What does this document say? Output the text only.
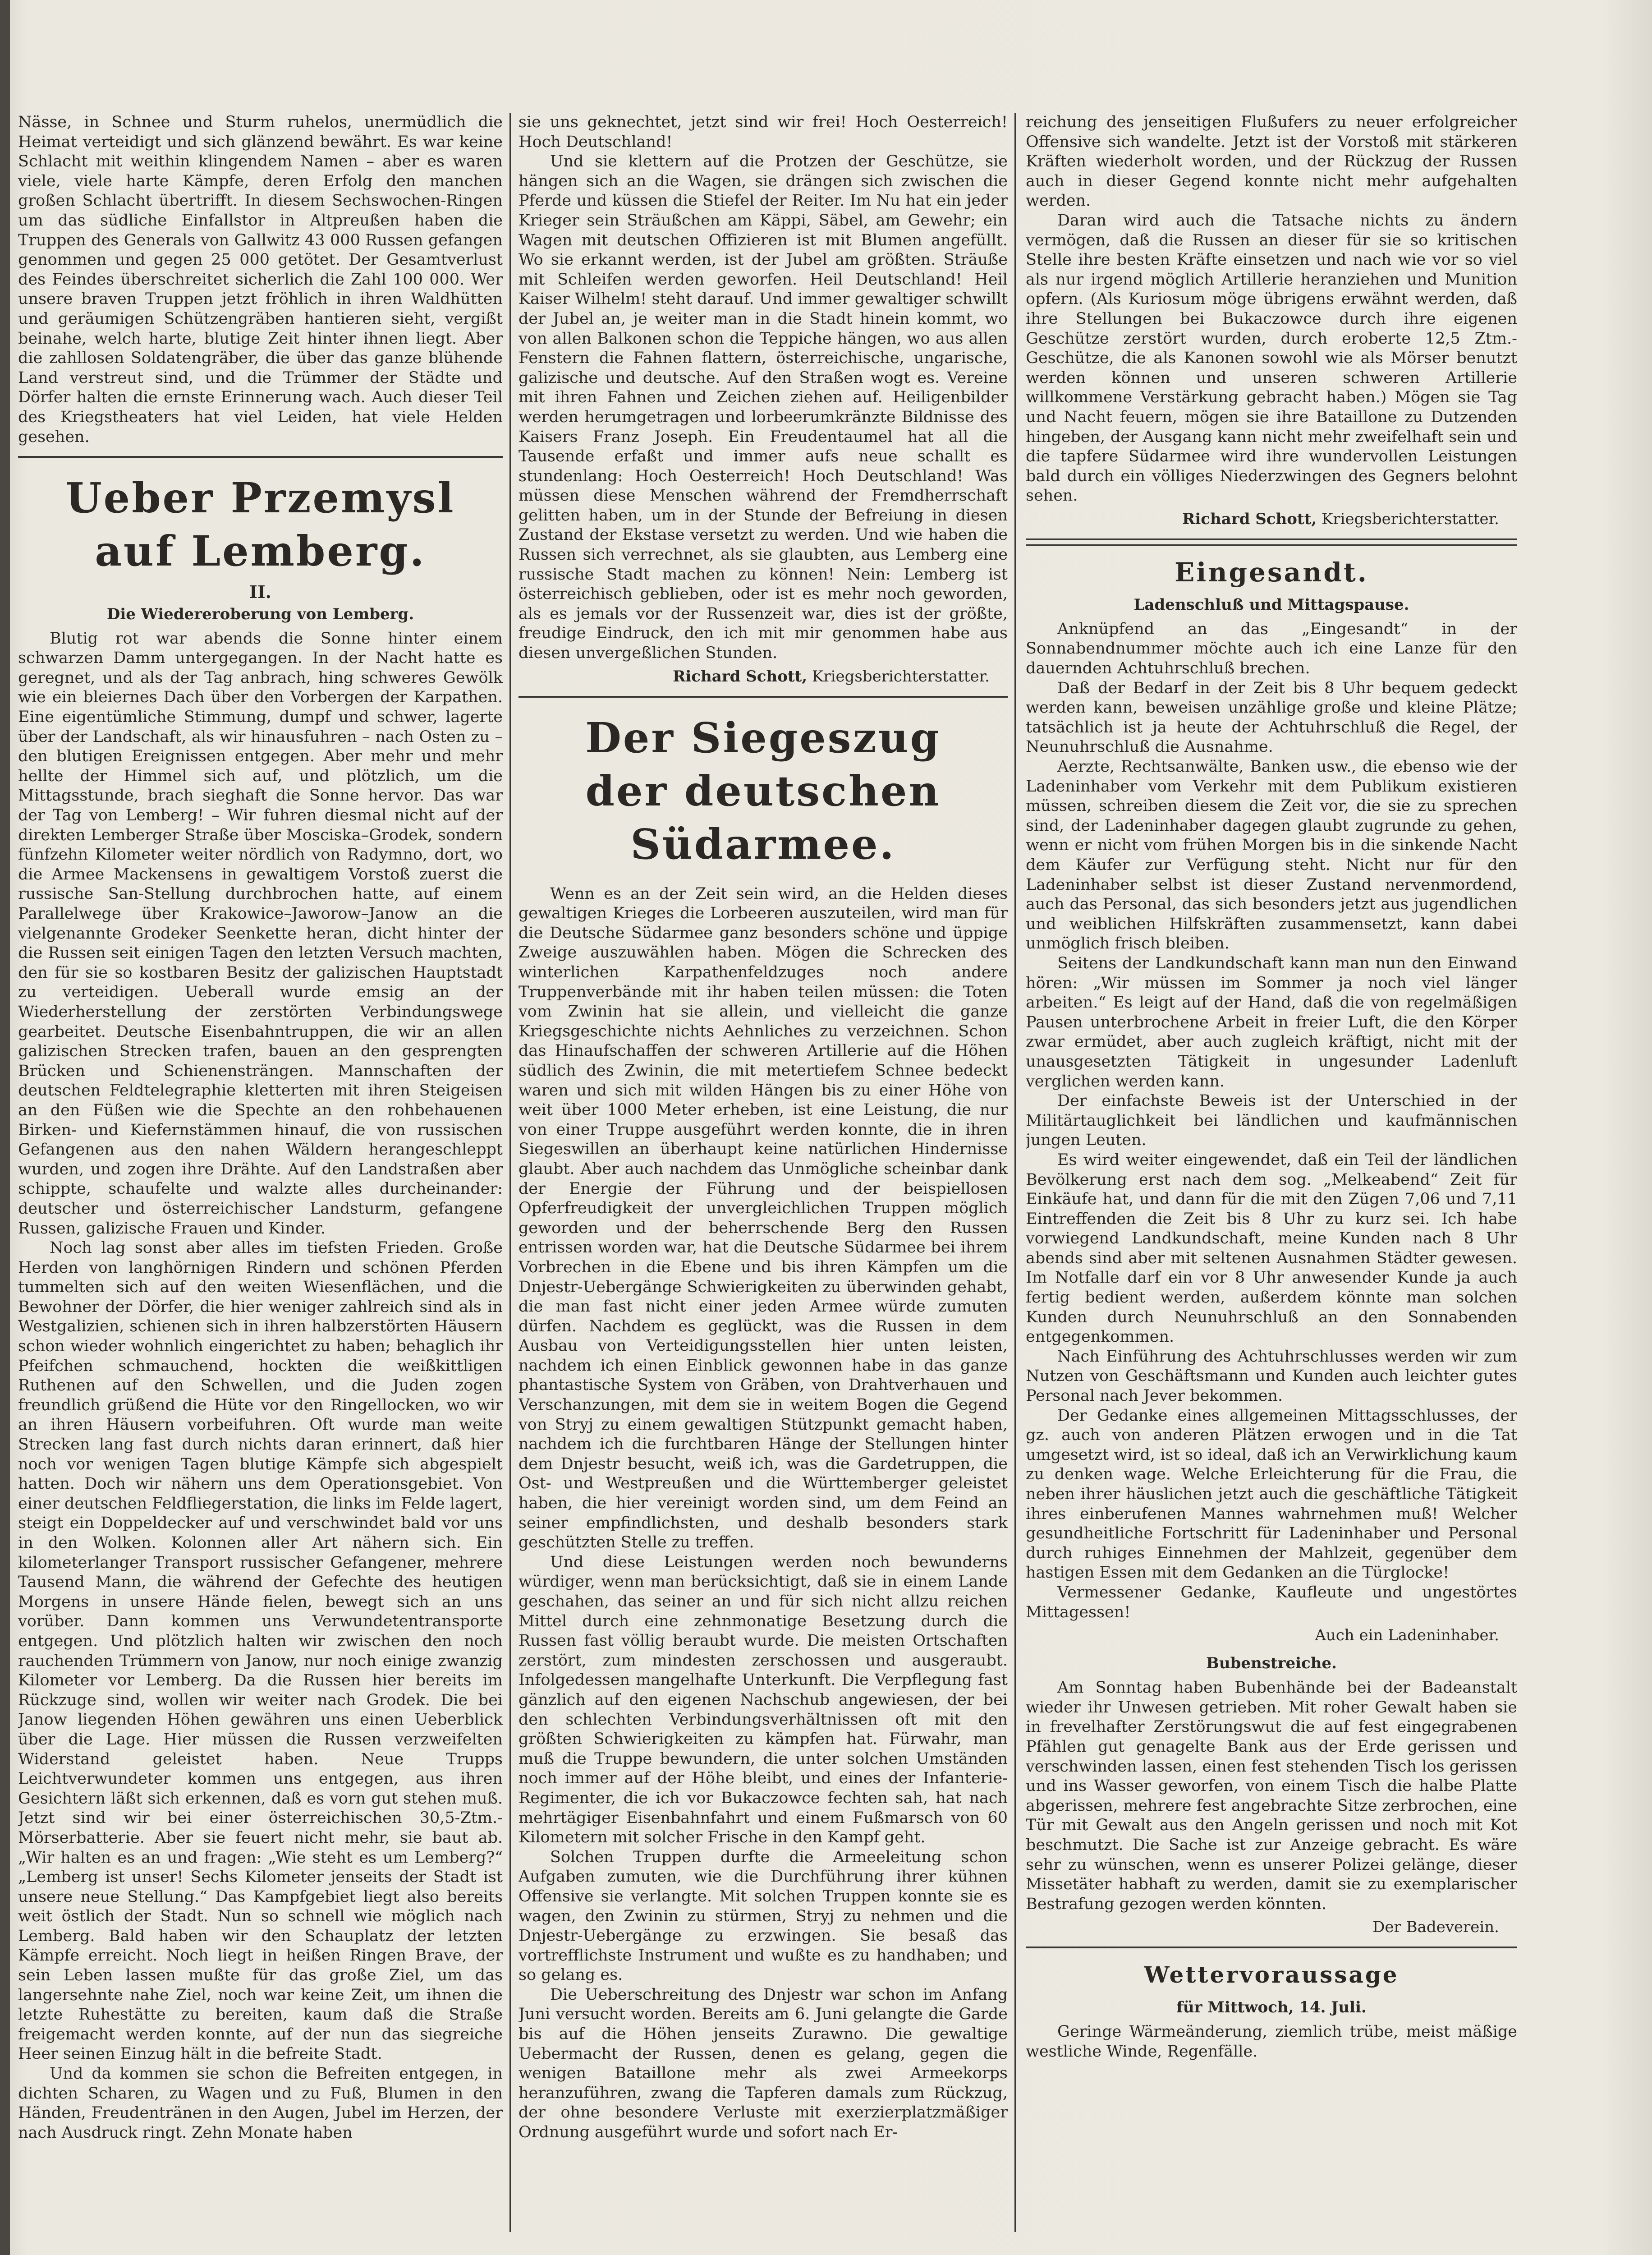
Nässe, in Schnee und Sturm ruhelos, unermüdlich die Heimat verteidigt und sich glänzend bewährt. Es war keine Schlacht mit weithin klingendem Namen – aber es waren viele, viele harte Kämpfe, deren Erfolg den manchen großen Schlacht übertrifft. In diesem Sechswochen-Ringen um das südliche Einfallstor in Altpreußen haben die Truppen des Generals von Gallwitz 43 000 Russen gefangen genommen und gegen 25 000 getötet. Der Gesamtverlust des Feindes überschreitet sicherlich die Zahl 100 000. Wer unsere braven Truppen jetzt fröhlich in ihren Waldhütten und geräumigen Schützengräben hantieren sieht, vergißt beinahe, welch harte, blutige Zeit hinter ihnen liegt. Aber die zahllosen Soldatengräber, die über das ganze blühende Land verstreut sind, und die Trümmer der Städte und Dörfer halten die ernste Erinnerung wach. Auch dieser Teil des Kriegstheaters hat viel Leiden, hat viele Helden gesehen.

Ueber Przemysl auf Lemberg.
II.
Die Wiedereroberung von Lemberg.

Blutig rot war abends die Sonne hinter einem schwarzen Damm untergegangen. In der Nacht hatte es geregnet, und als der Tag anbrach, hing schweres Gewölk wie ein bleiernes Dach über den Vorbergen der Karpathen. Eine eigentümliche Stimmung, dumpf und schwer, lagerte über der Landschaft, als wir hinausfuhren – nach Osten zu – den blutigen Ereignissen entgegen. Aber mehr und mehr hellte der Himmel sich auf, und plötzlich, um die Mittagsstunde, brach sieghaft die Sonne hervor. Das war der Tag von Lemberg! – Wir fuhren diesmal nicht auf der direkten Lemberger Straße über Mosciska–Grodek, sondern fünfzehn Kilometer weiter nördlich von Radymno, dort, wo die Armee Mackensens in gewaltigem Vorstoß zuerst die russische San-Stellung durchbrochen hatte, auf einem Parallelwege über Krakowice–Jaworow–Janow an die vielgenannte Grodeker Seenkette heran, dicht hinter der die Russen seit einigen Tagen den letzten Versuch machten, den für sie so kostbaren Besitz der galizischen Hauptstadt zu verteidigen. Ueberall wurde emsig an der Wiederherstellung der zerstörten Verbindungswege gearbeitet. Deutsche Eisenbahntruppen, die wir an allen galizischen Strecken trafen, bauen an den gesprengten Brücken und Schienensträngen. Mannschaften der deutschen Feldtelegraphie kletterten mit ihren Steigeisen an den Füßen wie die Spechte an den rohbehauenen Birken- und Kiefernstämmen hinauf, die von russischen Gefangenen aus den nahen Wäldern herangeschleppt wurden, und zogen ihre Drähte. Auf den Landstraßen aber schippte, schaufelte und walzte alles durcheinander: deutscher und österreichischer Landsturm, gefangene Russen, galizische Frauen und Kinder.

Noch lag sonst aber alles im tiefsten Frieden. Große Herden von langhörnigen Rindern und schönen Pferden tummelten sich auf den weiten Wiesenflächen, und die Bewohner der Dörfer, die hier weniger zahlreich sind als in Westgalizien, schienen sich in ihren halbzerstörten Häusern schon wieder wohnlich eingerichtet zu haben; behaglich ihr Pfeifchen schmauchend, hockten die weißkittligen Ruthenen auf den Schwellen, und die Juden zogen freundlich grüßend die Hüte vor den Ringellocken, wo wir an ihren Häusern vorbeifuhren. Oft wurde man weite Strecken lang fast durch nichts daran erinnert, daß hier noch vor wenigen Tagen blutige Kämpfe sich abgespielt hatten. Doch wir nähern uns dem Operationsgebiet. Von einer deutschen Feldfliegerstation, die links im Felde lagert, steigt ein Doppeldecker auf und verschwindet bald vor uns in den Wolken. Kolonnen aller Art nähern sich. Ein kilometerlanger Transport russischer Gefangener, mehrere Tausend Mann, die während der Gefechte des heutigen Morgens in unsere Hände fielen, bewegt sich an uns vorüber. Dann kommen uns Verwundetentransporte entgegen. Und plötzlich halten wir zwischen den noch rauchenden Trümmern von Janow, nur noch einige zwanzig Kilometer vor Lemberg. Da die Russen hier bereits im Rückzuge sind, wollen wir weiter nach Grodek. Die bei Janow liegenden Höhen gewähren uns einen Ueberblick über die Lage. Hier müssen die Russen verzweifelten Widerstand geleistet haben. Neue Trupps Leichtverwundeter kommen uns entgegen, aus ihren Gesichtern läßt sich erkennen, daß es vorn gut stehen muß. Jetzt sind wir bei einer österreichischen 30,5-Ztm.-Mörserbatterie. Aber sie feuert nicht mehr, sie baut ab. „Wir halten es an und fragen: „Wie steht es um Lemberg?“ „Lemberg ist unser! Sechs Kilometer jenseits der Stadt ist unsere neue Stellung.“ Das Kampfgebiet liegt also bereits weit östlich der Stadt. Nun so schnell wie möglich nach Lemberg. Bald haben wir den Schauplatz der letzten Kämpfe erreicht. Noch liegt in heißen Ringen Brave, der sein Leben lassen mußte für das große Ziel, um das langersehnte nahe Ziel, noch war keine Zeit, um ihnen die letzte Ruhestätte zu bereiten, kaum daß die Straße freigemacht werden konnte, auf der nun das siegreiche Heer seinen Einzug hält in die befreite Stadt.

Und da kommen sie schon die Befreiten entgegen, in dichten Scharen, zu Wagen und zu Fuß, Blumen in den Händen, Freudentränen in den Augen, Jubel im Herzen, der nach Ausdruck ringt. Zehn Monate haben

sie uns geknechtet, jetzt sind wir frei! Hoch Oesterreich! Hoch Deutschland!

Und sie klettern auf die Protzen der Geschütze, sie hängen sich an die Wagen, sie drängen sich zwischen die Pferde und küssen die Stiefel der Reiter. Im Nu hat ein jeder Krieger sein Sträußchen am Käppi, Säbel, am Gewehr; ein Wagen mit deutschen Offizieren ist mit Blumen angefüllt. Wo sie erkannt werden, ist der Jubel am größten. Sträuße mit Schleifen werden geworfen. Heil Deutschland! Heil Kaiser Wilhelm! steht darauf. Und immer gewaltiger schwillt der Jubel an, je weiter man in die Stadt hinein kommt, wo von allen Balkonen schon die Teppiche hängen, wo aus allen Fenstern die Fahnen flattern, österreichische, ungarische, galizische und deutsche. Auf den Straßen wogt es. Vereine mit ihren Fahnen und Zeichen ziehen auf. Heiligenbilder werden herumgetragen und lorbeerumkränzte Bildnisse des Kaisers Franz Joseph. Ein Freudentaumel hat all die Tausende erfaßt und immer aufs neue schallt es stundenlang: Hoch Oesterreich! Hoch Deutschland! Was müssen diese Menschen während der Fremdherrschaft gelitten haben, um in der Stunde der Befreiung in diesen Zustand der Ekstase versetzt zu werden. Und wie haben die Russen sich verrechnet, als sie glaubten, aus Lemberg eine russische Stadt machen zu können! Nein: Lemberg ist österreichisch geblieben, oder ist es mehr noch geworden, als es jemals vor der Russenzeit war, dies ist der größte, freudige Eindruck, den ich mit mir genommen habe aus diesen unvergeßlichen Stunden.

Richard Schott, Kriegsberichterstatter.
Der Siegeszug
der deutschen Südarmee.

Wenn es an der Zeit sein wird, an die Helden dieses gewaltigen Krieges die Lorbeeren auszuteilen, wird man für die Deutsche Südarmee ganz besonders schöne und üppige Zweige auszuwählen haben. Mögen die Schrecken des winterlichen Karpathenfeldzuges noch andere Truppenverbände mit ihr haben teilen müssen: die Toten vom Zwinin hat sie allein, und vielleicht die ganze Kriegsgeschichte nichts Aehnliches zu verzeichnen. Schon das Hinaufschaffen der schweren Artillerie auf die Höhen südlich des Zwinin, die mit metertiefem Schnee bedeckt waren und sich mit wilden Hängen bis zu einer Höhe von weit über 1000 Meter erheben, ist eine Leistung, die nur von einer Truppe ausgeführt werden konnte, die in ihren Siegeswillen an überhaupt keine natürlichen Hindernisse glaubt. Aber auch nachdem das Unmögliche scheinbar dank der Energie der Führung und der beispiellosen Opferfreudigkeit der unvergleichlichen Truppen möglich geworden und der beherrschende Berg den Russen entrissen worden war, hat die Deutsche Südarmee bei ihrem Vorbrechen in die Ebene und bis ihren Kämpfen um die Dnjestr-Uebergänge Schwierigkeiten zu überwinden gehabt, die man fast nicht einer jeden Armee würde zumuten dürfen. Nachdem es geglückt, was die Russen in dem Ausbau von Verteidigungsstellen hier unten leisten, nachdem ich einen Einblick gewonnen habe in das ganze phantastische System von Gräben, von Drahtverhauen und Verschanzungen, mit dem sie in weitem Bogen die Gegend von Stryj zu einem gewaltigen Stützpunkt gemacht haben, nachdem ich die furchtbaren Hänge der Stellungen hinter dem Dnjestr besucht, weiß ich, was die Gardetruppen, die Ost- und Westpreußen und die Württemberger geleistet haben, die hier vereinigt worden sind, um dem Feind an seiner empfindlichsten, und deshalb besonders stark geschützten Stelle zu treffen.

Und diese Leistungen werden noch bewunderns würdiger, wenn man berücksichtigt, daß sie in einem Lande geschahen, das seiner an und für sich nicht allzu reichen Mittel durch eine zehnmonatige Besetzung durch die Russen fast völlig beraubt wurde. Die meisten Ortschaften zerstört, zum mindesten zerschossen und ausgeraubt. Infolgedessen mangelhafte Unterkunft. Die Verpflegung fast gänzlich auf den eigenen Nachschub angewiesen, der bei den schlechten Verbindungsverhältnissen oft mit den größten Schwierigkeiten zu kämpfen hat. Fürwahr, man muß die Truppe bewundern, die unter solchen Umständen noch immer auf der Höhe bleibt, und eines der Infanterie-Regimenter, die ich vor Bukaczowce fechten sah, hat nach mehrtägiger Eisenbahnfahrt und einem Fußmarsch von 60 Kilometern mit solcher Frische in den Kampf geht.

Solchen Truppen durfte die Armeeleitung schon Aufgaben zumuten, wie die Durchführung ihrer kühnen Offensive sie verlangte. Mit solchen Truppen konnte sie es wagen, den Zwinin zu stürmen, Stryj zu nehmen und die Dnjestr-Uebergänge zu erzwingen. Sie besaß das vortrefflichste Instrument und wußte es zu handhaben; und so gelang es.

Die Ueberschreitung des Dnjestr war schon im Anfang Juni versucht worden. Bereits am 6. Juni gelangte die Garde bis auf die Höhen jenseits Zurawno. Die gewaltige Uebermacht der Russen, denen es gelang, gegen die wenigen Bataillone mehr als zwei Armeekorps heranzuführen, zwang die Tapferen damals zum Rückzug, der ohne besondere Verluste mit exerzierplatzmäßiger Ordnung ausgeführt wurde und sofort nach Er-

reichung des jenseitigen Flußufers zu neuer erfolgreicher Offensive sich wandelte. Jetzt ist der Vorstoß mit stärkeren Kräften wiederholt worden, und der Rückzug der Russen auch in dieser Gegend konnte nicht mehr aufgehalten werden.

Daran wird auch die Tatsache nichts zu ändern vermögen, daß die Russen an dieser für sie so kritischen Stelle ihre besten Kräfte einsetzen und nach wie vor so viel als nur irgend möglich Artillerie heranziehen und Munition opfern. (Als Kuriosum möge übrigens erwähnt werden, daß ihre Stellungen bei Bukaczowce durch ihre eigenen Geschütze zerstört wurden, durch eroberte 12,5 Ztm.-Geschütze, die als Kanonen sowohl wie als Mörser benutzt werden können und unseren schweren Artillerie willkommene Verstärkung gebracht haben.) Mögen sie Tag und Nacht feuern, mögen sie ihre Bataillone zu Dutzenden hingeben, der Ausgang kann nicht mehr zweifelhaft sein und die tapfere Südarmee wird ihre wundervollen Leistungen bald durch ein völliges Niederzwingen des Gegners belohnt sehen.

Richard Schott, Kriegsberichterstatter.
Eingesandt.
Ladenschluß und Mittagspause.

Anknüpfend an das „Eingesandt“ in der Sonnabendnummer möchte auch ich eine Lanze für den dauernden Achtuhrschluß brechen.

Daß der Bedarf in der Zeit bis 8 Uhr bequem gedeckt werden kann, beweisen unzählige große und kleine Plätze; tatsächlich ist ja heute der Achtuhrschluß die Regel, der Neunuhrschluß die Ausnahme.

Aerzte, Rechtsanwälte, Banken usw., die ebenso wie der Ladeninhaber vom Verkehr mit dem Publikum existieren müssen, schreiben diesem die Zeit vor, die sie zu sprechen sind, der Ladeninhaber dagegen glaubt zugrunde zu gehen, wenn er nicht vom frühen Morgen bis in die sinkende Nacht dem Käufer zur Verfügung steht. Nicht nur für den Ladeninhaber selbst ist dieser Zustand nervenmordend, auch das Personal, das sich besonders jetzt aus jugendlichen und weiblichen Hilfskräften zusammensetzt, kann dabei unmöglich frisch bleiben.

Seitens der Landkundschaft kann man nun den Einwand hören: „Wir müssen im Sommer ja noch viel länger arbeiten.“ Es leigt auf der Hand, daß die von regelmäßigen Pausen unterbrochene Arbeit in freier Luft, die den Körper zwar ermüdet, aber auch zugleich kräftigt, nicht mit der unausgesetzten Tätigkeit in ungesunder Ladenluft verglichen werden kann.

Der einfachste Beweis ist der Unterschied in der Militärtauglichkeit bei ländlichen und kaufmännischen jungen Leuten.

Es wird weiter eingewendet, daß ein Teil der ländlichen Bevölkerung erst nach dem sog. „Melkeabend“ Zeit für Einkäufe hat, und dann für die mit den Zügen 7,06 und 7,11 Eintreffenden die Zeit bis 8 Uhr zu kurz sei. Ich habe vorwiegend Landkundschaft, meine Kunden nach 8 Uhr abends sind aber mit seltenen Ausnahmen Städter gewesen. Im Notfalle darf ein vor 8 Uhr anwesender Kunde ja auch fertig bedient werden, außerdem könnte man solchen Kunden durch Neunuhrschluß an den Sonnabenden entgegenkommen.

Nach Einführung des Achtuhrschlusses werden wir zum Nutzen von Geschäftsmann und Kunden auch leichter gutes Personal nach Jever bekommen.

Der Gedanke eines allgemeinen Mittagsschlusses, der gz. auch von anderen Plätzen erwogen und in die Tat umgesetzt wird, ist so ideal, daß ich an Verwirklichung kaum zu denken wage. Welche Erleichterung für die Frau, die neben ihrer häuslichen jetzt auch die geschäftliche Tätigkeit ihres einberufenen Mannes wahrnehmen muß! Welcher gesundheitliche Fortschritt für Ladeninhaber und Personal durch ruhiges Einnehmen der Mahlzeit, gegenüber dem hastigen Essen mit dem Gedanken an die Türglocke!

Vermessener Gedanke, Kaufleute und ungestörtes Mittagessen!

Auch ein Ladeninhaber.
Bubenstreiche.

Am Sonntag haben Bubenhände bei der Badeanstalt wieder ihr Unwesen getrieben. Mit roher Gewalt haben sie in frevelhafter Zerstörungswut die auf fest eingegrabenen Pfählen gut genagelte Bank aus der Erde gerissen und verschwinden lassen, einen fest stehenden Tisch los gerissen und ins Wasser geworfen, von einem Tisch die halbe Platte abgerissen, mehrere fest angebrachte Sitze zerbrochen, eine Tür mit Gewalt aus den Angeln gerissen und noch mit Kot beschmutzt. Die Sache ist zur Anzeige gebracht. Es wäre sehr zu wünschen, wenn es unserer Polizei gelänge, dieser Missetäter habhaft zu werden, damit sie zu exemplarischer Bestrafung gezogen werden könnten.

Der Badeverein.
Wettervoraussage
für Mittwoch, 14. Juli.

Geringe Wärmeänderung, ziemlich trübe, meist mäßige westliche Winde, Regenfälle.
